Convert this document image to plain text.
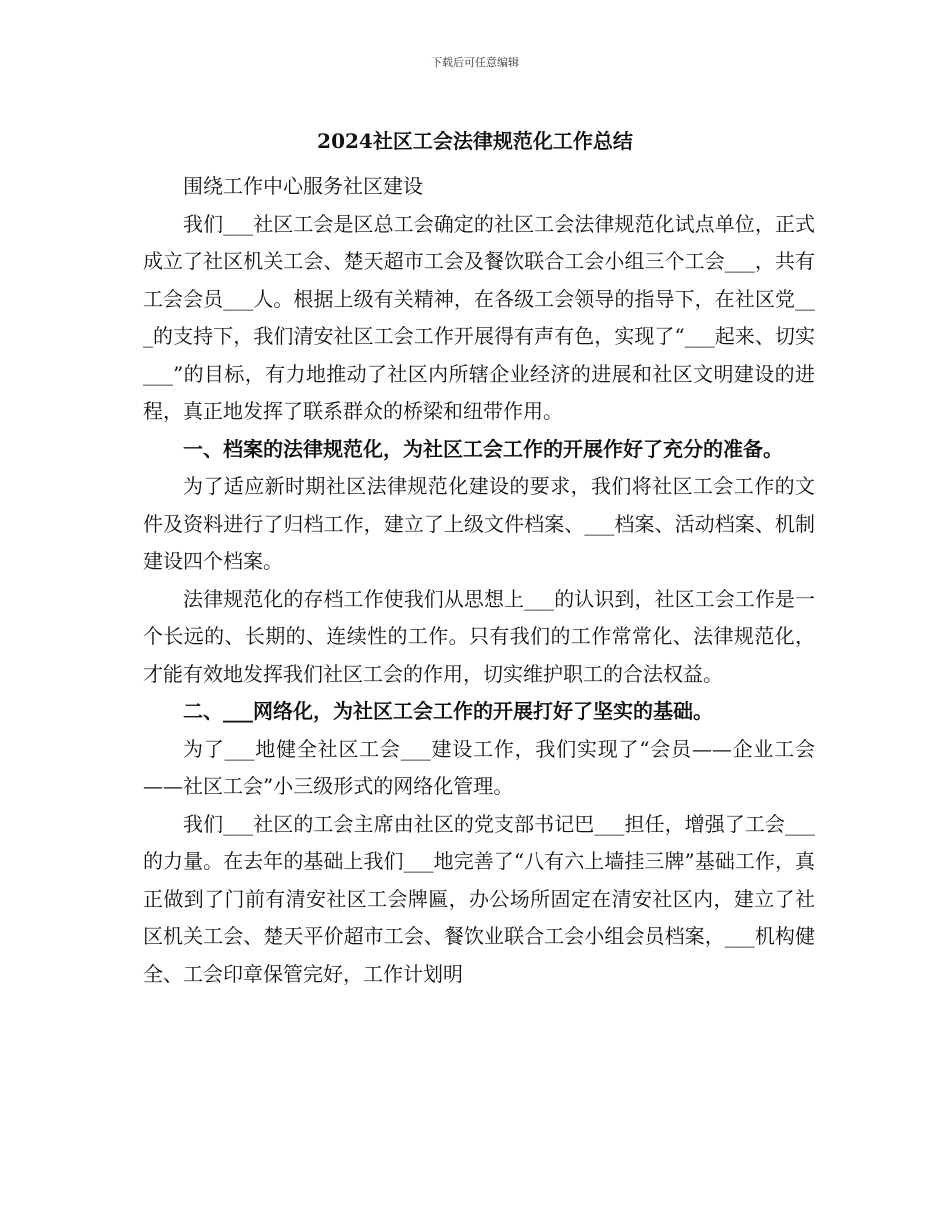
下载后可任意编辑
2024社区工会法律规范化工作总结

围绕工作中心服务社区建设

我们___社区工会是区总工会确定的社区工会法律规范化试点单位，正式成立了社区机关工会、楚天超市工会及餐饮联合工会小组三个工会___，共有工会会员___人。根据上级有关精神，在各级工会领导的指导下，在社区党___的支持下，我们清安社区工会工作开展得有声有色，实现了“___起来、切实___”的目标，有力地推动了社区内所辖企业经济的进展和社区文明建设的进程，真正地发挥了联系群众的桥梁和纽带作用。

一、档案的法律规范化，为社区工会工作的开展作好了充分的准备。

为了适应新时期社区法律规范化建设的要求，我们将社区工会工作的文件及资料进行了归档工作，建立了上级文件档案、___档案、活动档案、机制建设四个档案。

法律规范化的存档工作使我们从思想上___的认识到，社区工会工作是一个长远的、长期的、连续性的工作。只有我们的工作常常化、法律规范化，才能有效地发挥我们社区工会的作用，切实维护职工的合法权益。

二、___网络化，为社区工会工作的开展打好了坚实的基础。

为了___地健全社区工会___建设工作，我们实现了“会员——企业工会——社区工会”小三级形式的网络化管理。

我们___社区的工会主席由社区的党支部书记巴___担任，增强了工会___的力量。在去年的基础上我们___地完善了“八有六上墙挂三牌”基础工作，真正做到了门前有清安社区工会牌匾，办公场所固定在清安社区内，建立了社区机关工会、楚天平价超市工会、餐饮业联合工会小组会员档案，___机构健全、工会印章保管完好，工作计划明
